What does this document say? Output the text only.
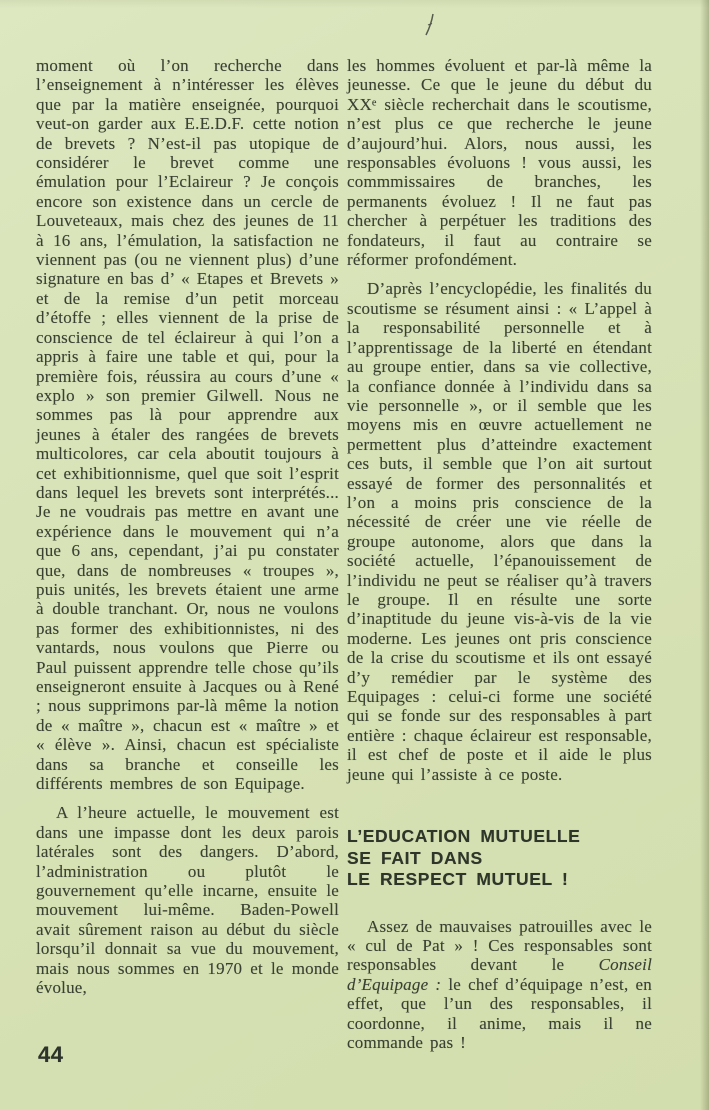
moment où l’on recherche dans l’enseignement à n’intéresser les élèves que par la matière enseignée, pourquoi veut-on garder aux E.E.D.F. cette notion de brevets ? N’est-il pas utopique de considérer le brevet comme une émulation pour l’Eclaireur ? Je conçois encore son existence dans un cercle de Louveteaux, mais chez des jeunes de 11 à 16 ans, l’émulation, la satisfaction ne viennent pas (ou ne viennent plus) d’une signature en bas d’ « Etapes et Brevets » et de la remise d’un petit morceau d’étoffe ; elles viennent de la prise de conscience de tel éclaireur à qui l’on a appris à faire une table et qui, pour la première fois, réussira au cours d’une « explo » son premier Gilwell. Nous ne sommes pas là pour apprendre aux jeunes à étaler des rangées de brevets multicolores, car cela aboutit toujours à cet exhibitionnisme, quel que soit l’esprit dans lequel les brevets sont interprétés... Je ne voudrais pas mettre en avant une expérience dans le mouvement qui n’a que 6 ans, cependant, j’ai pu constater que, dans de nombreuses « troupes », puis unités, les brevets étaient une arme à double tranchant. Or, nous ne voulons pas former des exhibitionnistes, ni des vantards, nous voulons que Pierre ou Paul puissent apprendre telle chose qu’ils enseigneront ensuite à Jacques ou à René ; nous supprimons par-là même la notion de « maître », chacun est « maître » et « élève ». Ainsi, chacun est spécialiste dans sa branche et conseille les différents membres de son Equipage.

A l’heure actuelle, le mouvement est dans une impasse dont les deux parois latérales sont des dangers. D’abord, l’administration ou plutôt le gouvernement qu’elle incarne, ensuite le mouvement lui-même. Baden-Powell avait sûrement raison au début du siècle lorsqu’il donnait sa vue du mouvement, mais nous sommes en 1970 et le monde évolue,

les hommes évoluent et par-là même la jeunesse. Ce que le jeune du début du XXᵉ siècle recherchait dans le scoutisme, n’est plus ce que recherche le jeune d’aujourd’hui. Alors, nous aussi, les responsables évoluons ! vous aussi, les commmissaires de branches, les permanents évoluez ! Il ne faut pas chercher à perpétuer les traditions des fondateurs, il faut au contraire se réformer profondément.

D’après l’encyclopédie, les finalités du scoutisme se résument ainsi : « L’appel à la responsabilité personnelle et à l’apprentissage de la liberté en étendant au groupe entier, dans sa vie collective, la confiance donnée à l’individu dans sa vie personnelle », or il semble que les moyens mis en œuvre actuellement ne permettent plus d’atteindre exactement ces buts, il semble que l’on ait surtout essayé de former des personnalités et l’on a moins pris conscience de la nécessité de créer une vie réelle de groupe autonome, alors que dans la société actuelle, l’épanouissement de l’individu ne peut se réaliser qu’à travers le groupe. Il en résulte une sorte d’inaptitude du jeune vis-à-vis de la vie moderne. Les jeunes ont pris conscience de la crise du scoutisme et ils ont essayé d’y remédier par le système des Equipages : celui-ci forme une société qui se fonde sur des responsables à part entière : chaque éclaireur est responsable, il est chef de poste et il aide le plus jeune qui l’assiste à ce poste.

L’EDUCATION MUTUELLE
SE FAIT DANS
LE RESPECT MUTUEL !

Assez de mauvaises patrouilles avec le « cul de Pat » ! Ces responsables sont responsables devant le Conseil d’Equipage : le chef d’équipage n’est, en effet, que l’un des responsables, il coordonne, il anime, mais il ne commande pas !

44
